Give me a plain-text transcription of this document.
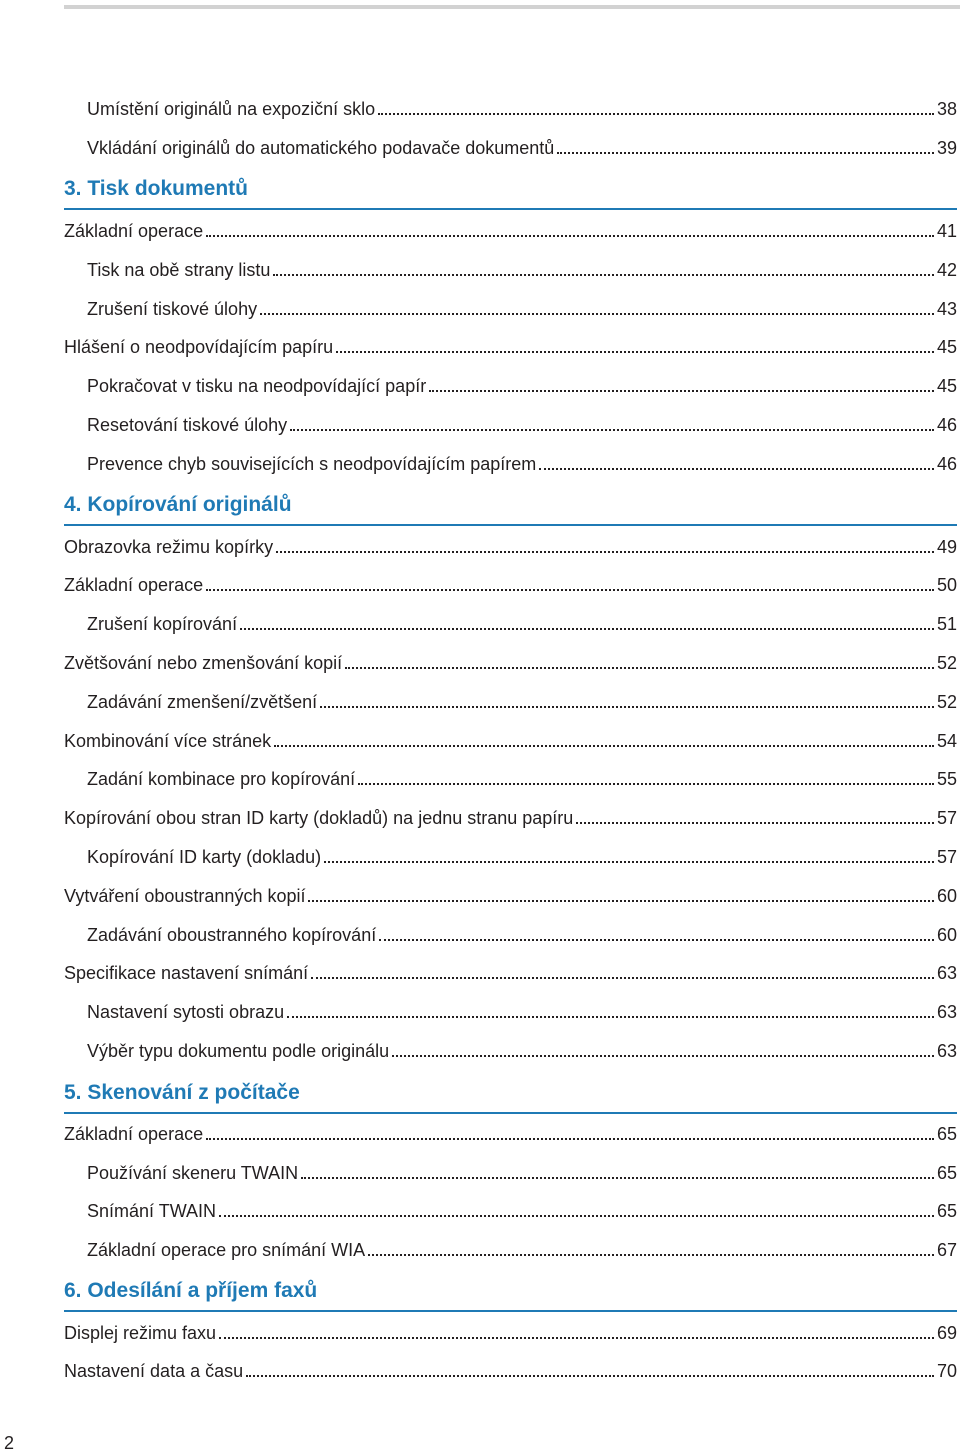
Umístění originálů na expoziční sklo	38
Vkládání originálů do automatického podavače dokumentů	39
3. Tisk dokumentů
Základní operace	41
Tisk na obě strany listu	42
Zrušení tiskové úlohy	43
Hlášení o neodpovídajícím papíru	45
Pokračovat v tisku na neodpovídající papír	45
Resetování tiskové úlohy	46
Prevence chyb souvisejících s neodpovídajícím papírem	46
4. Kopírování originálů
Obrazovka režimu kopírky	49
Základní operace	50
Zrušení kopírování	51
Zvětšování nebo zmenšování kopií	52
Zadávání zmenšení/zvětšení	52
Kombinování více stránek	54
Zadání kombinace pro kopírování	55
Kopírování obou stran ID karty (dokladů) na jednu stranu papíru	57
Kopírování ID karty (dokladu)	57
Vytváření oboustranných kopií	60
Zadávání oboustranného kopírování	60
Specifikace nastavení snímání	63
Nastavení sytosti obrazu	63
Výběr typu dokumentu podle originálu	63
5. Skenování z počítače
Základní operace	65
Používání skeneru TWAIN	65
Snímání TWAIN	65
Základní operace pro snímání WIA	67
6. Odesílání a příjem faxů
Displej režimu faxu	69
Nastavení data a času	70
2
